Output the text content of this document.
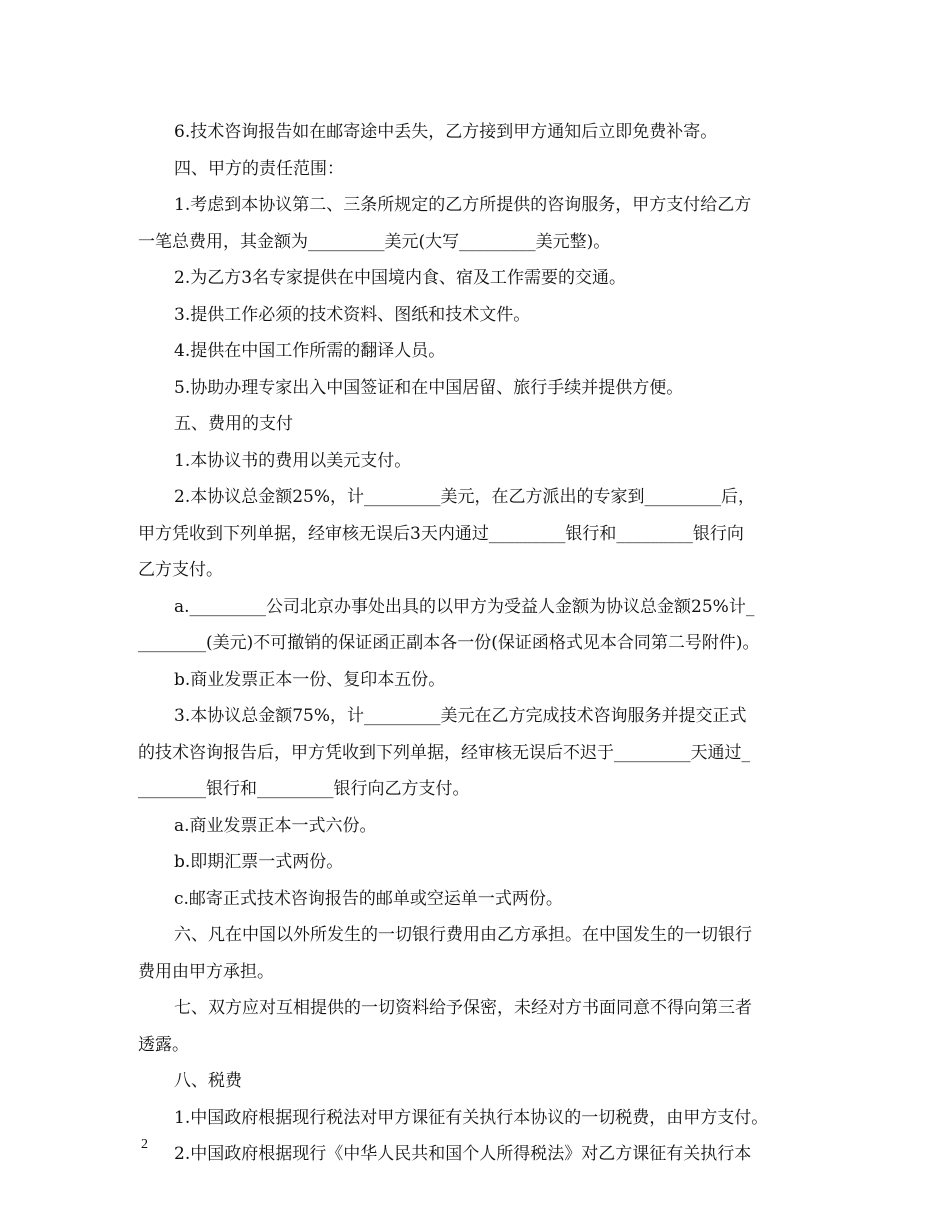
6.技术咨询报告如在邮寄途中丢失，乙方接到甲方通知后立即免费补寄。
四、甲方的责任范围：
1.考虑到本协议第二、三条所规定的乙方所提供的咨询服务，甲方支付给乙方
一笔总费用，其金额为_________美元(大写_________美元整)。
2.为乙方3名专家提供在中国境内食、宿及工作需要的交通。
3.提供工作必须的技术资料、图纸和技术文件。
4.提供在中国工作所需的翻译人员。
5.协助办理专家出入中国签证和在中国居留、旅行手续并提供方便。
五、费用的支付
1.本协议书的费用以美元支付。
2.本协议总金额25%，计_________美元，在乙方派出的专家到_________后，
甲方凭收到下列单据，经审核无误后3天内通过_________银行和_________银行向
乙方支付。
a._________公司北京办事处出具的以甲方为受益人金额为协议总金额25%计_
________(美元)不可撤销的保证函正副本各一份(保证函格式见本合同第二号附件)。
b.商业发票正本一份、复印本五份。
3.本协议总金额75%，计_________美元在乙方完成技术咨询服务并提交正式
的技术咨询报告后，甲方凭收到下列单据，经审核无误后不迟于_________天通过_
________银行和_________银行向乙方支付。
a.商业发票正本一式六份。
b.即期汇票一式两份。
c.邮寄正式技术咨询报告的邮单或空运单一式两份。
六、凡在中国以外所发生的一切银行费用由乙方承担。在中国发生的一切银行
费用由甲方承担。
七、双方应对互相提供的一切资料给予保密，未经对方书面同意不得向第三者
透露。
八、税费
1.中国政府根据现行税法对甲方课征有关执行本协议的一切税费，由甲方支付。
2.中国政府根据现行《中华人民共和国个人所得税法》对乙方课征有关执行本
2
